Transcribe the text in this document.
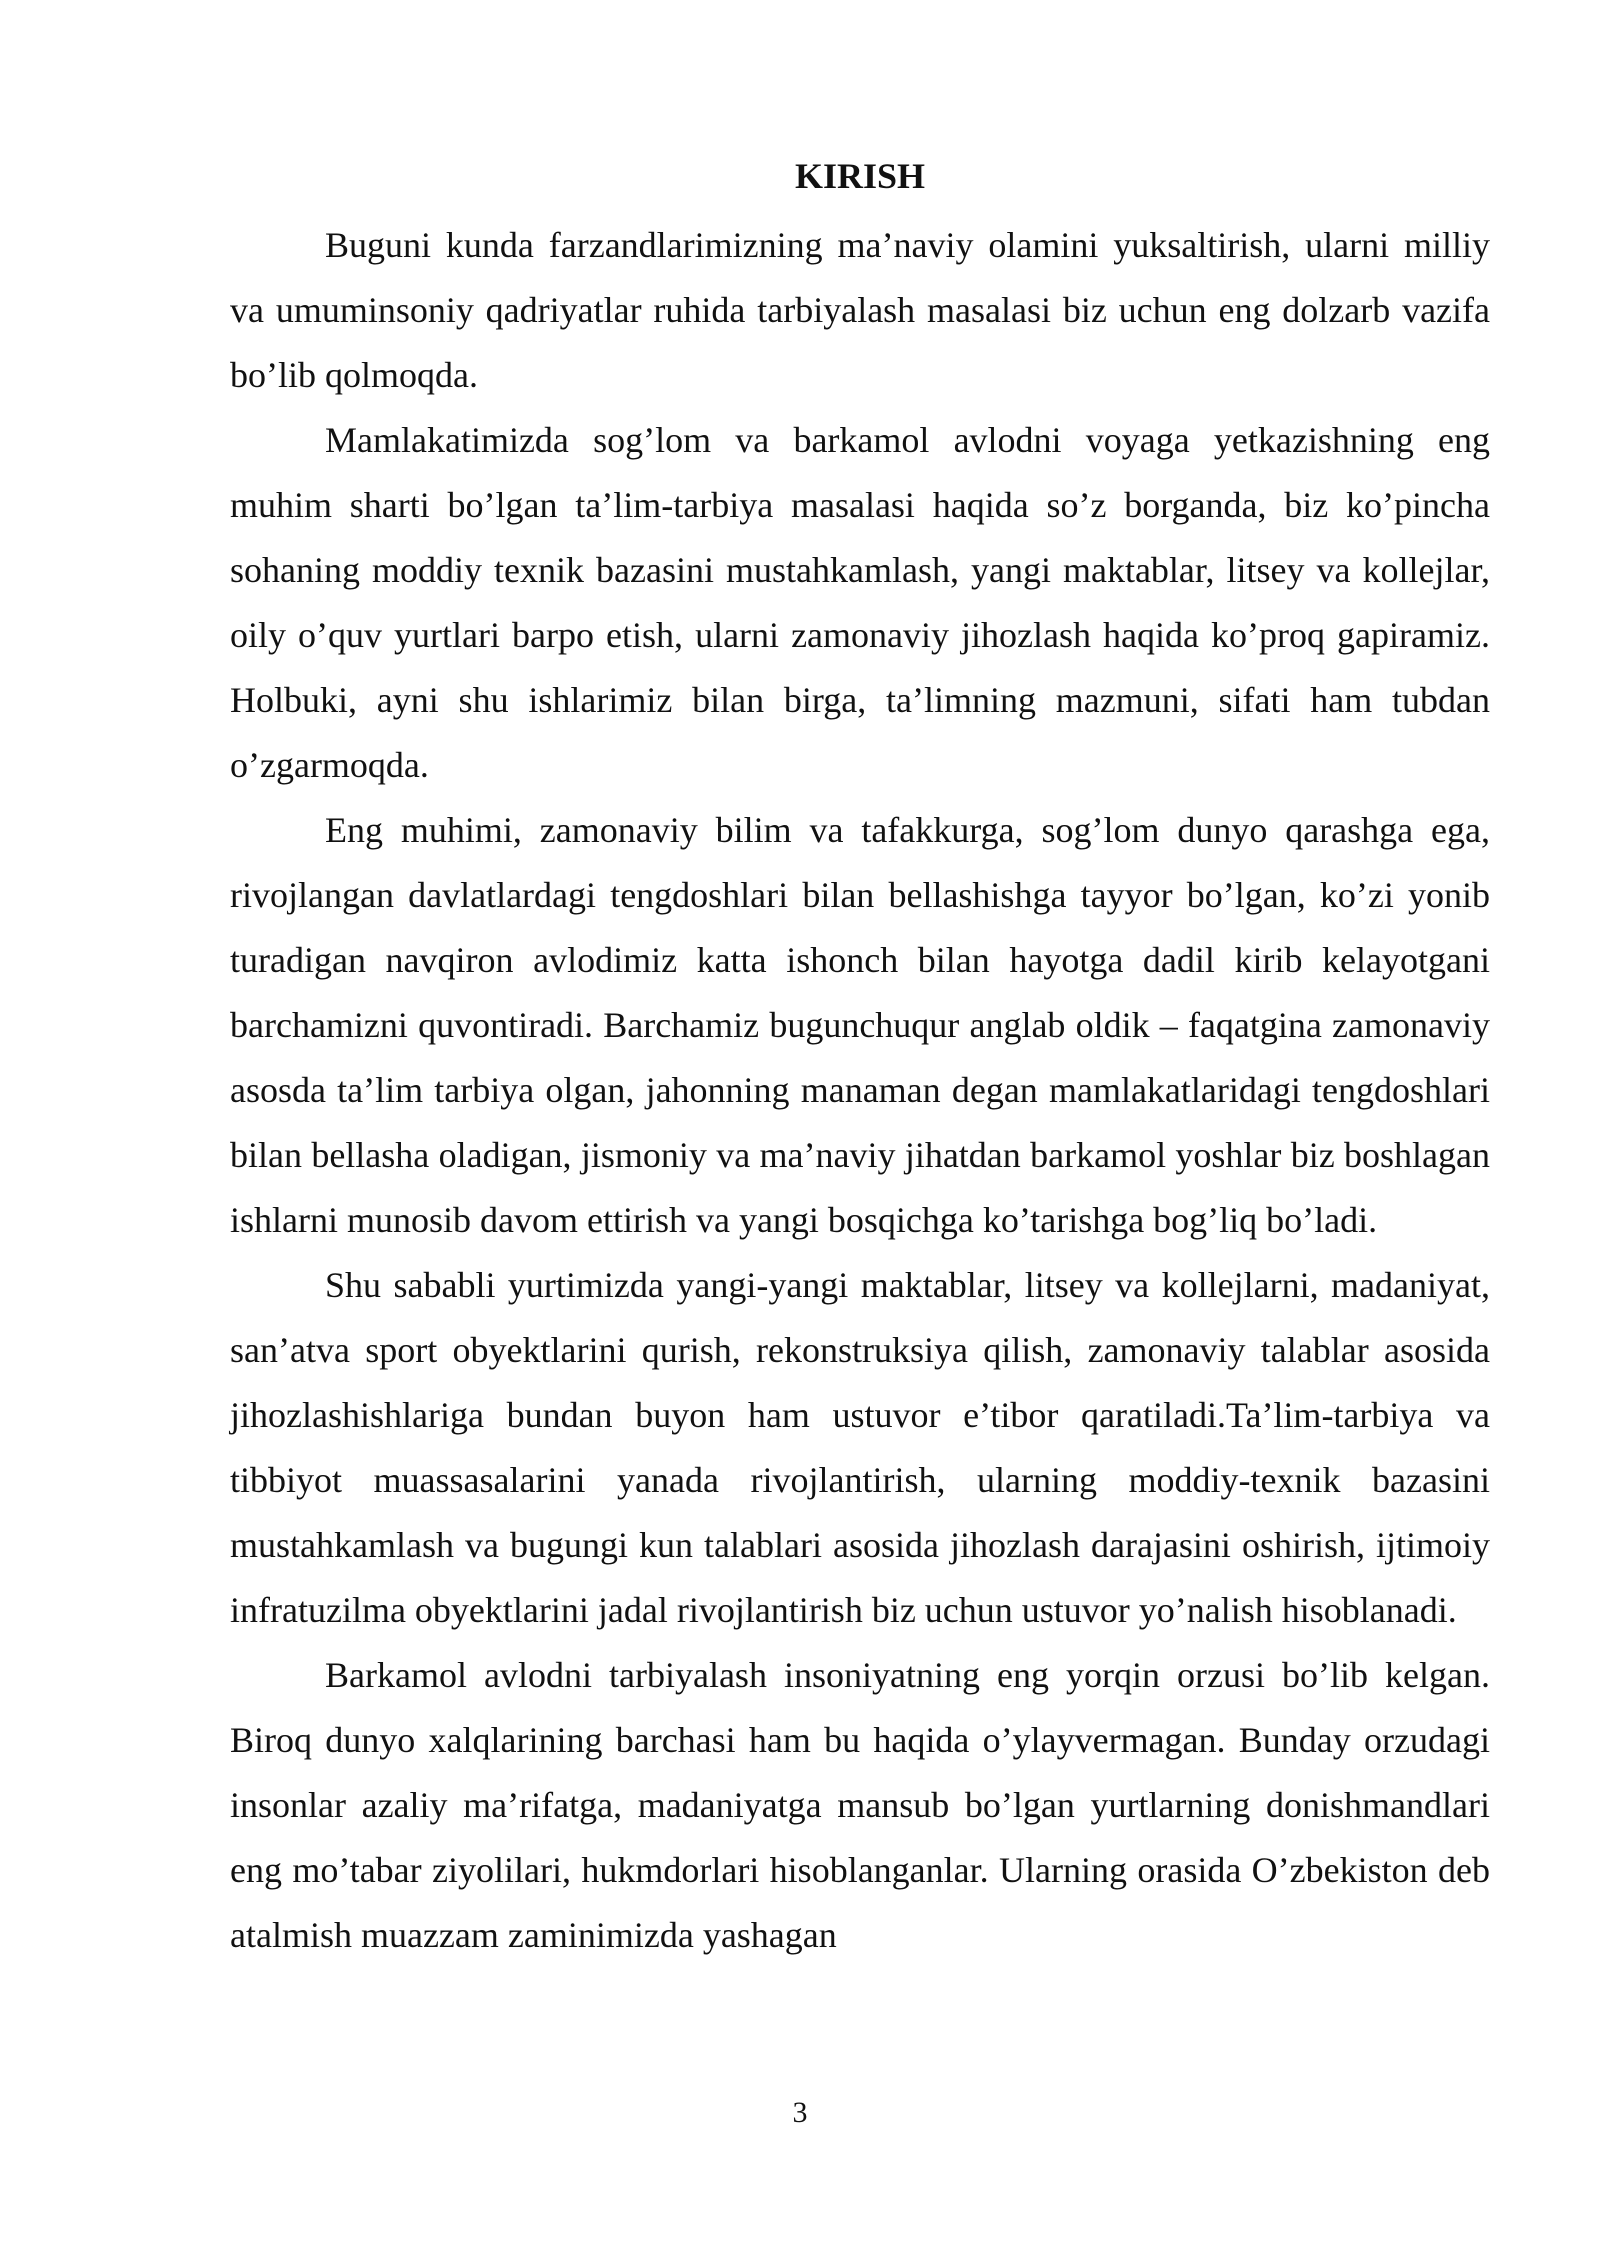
KIRISH

Buguni kunda farzandlarimizning ma’naviy olamini yuksaltirish, ularni milliy va umuminsoniy qadriyatlar ruhida tarbiyalash masalasi biz uchun eng dolzarb vazifa bo’lib qolmoqda.

Mamlakatimizda sog’lom va barkamol avlodni voyaga yetkazishning eng muhim sharti bo’lgan ta’lim-tarbiya masalasi haqida so’z borganda, biz ko’pincha sohaning moddiy texnik bazasini mustahkamlash, yangi maktablar, litsey va kollejlar, oily o’quv yurtlari barpo etish, ularni zamonaviy jihozlash haqida ko’proq gapiramiz. Holbuki, ayni shu ishlarimiz bilan birga, ta’limning mazmuni, sifati ham tubdan o’zgarmoqda.

Eng muhimi, zamonaviy bilim va tafakkurga, sog’lom dunyo qarashga ega, rivojlangan davlatlardagi tengdoshlari bilan bellashishga tayyor bo’lgan, ko’zi yonib turadigan navqiron avlodimiz katta ishonch bilan hayotga dadil kirib kelayotgani barchamizni quvontiradi. Barchamiz bugunchuqur anglab oldik – faqatgina zamonaviy asosda ta’lim tarbiya olgan, jahonning manaman degan mamlakatlaridagi tengdoshlari bilan bellasha oladigan, jismoniy va ma’naviy jihatdan barkamol yoshlar biz boshlagan ishlarni munosib davom ettirish va yangi bosqichga ko’tarishga bog’liq bo’ladi.

Shu sababli yurtimizda yangi-yangi maktablar, litsey va kollejlarni, madaniyat, san’atva sport obyektlarini qurish, rekonstruksiya qilish, zamonaviy talablar asosida jihozlashishlariga bundan buyon ham ustuvor e’tibor qaratiladi.Ta’lim-tarbiya va tibbiyot muassasalarini yanada rivojlantirish, ularning moddiy-texnik bazasini mustahkamlash va bugungi kun talablari asosida jihozlash darajasini oshirish, ijtimoiy infratuzilma obyektlarini jadal rivojlantirish biz uchun ustuvor yo’nalish hisoblanadi.

Barkamol avlodni tarbiyalash insoniyatning eng yorqin orzusi bo’lib kelgan. Biroq dunyo xalqlarining barchasi ham bu haqida o’ylayvermagan. Bunday orzudagi insonlar azaliy ma’rifatga, madaniyatga mansub bo’lgan yurtlarning donishmandlari eng mo’tabar ziyolilari, hukmdorlari hisoblanganlar. Ularning orasida O’zbekiston deb atalmish muazzam zaminimizda yashagan

3
